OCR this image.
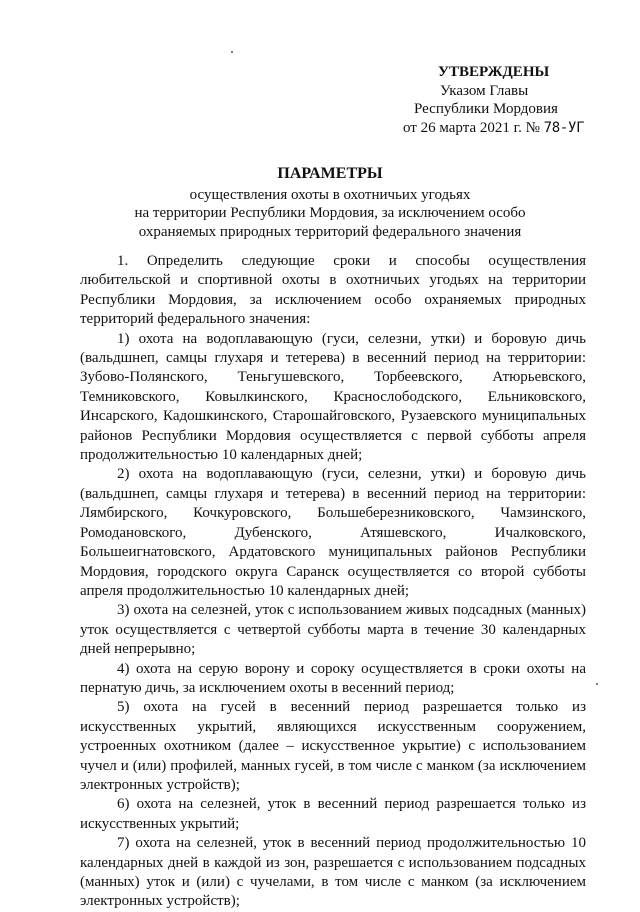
УТВЕРЖДЕНЫ
Указом Главы
Республики Мордовия
от 26 марта 2021 г. № 78-УГ
ПАРАМЕТРЫ
осуществления охоты в охотничьих угодьях
на территории Республики Мордовия, за исключением особо
охраняемых природных территорий федерального значения

1. Определить следующие сроки и способы осуществления любительской и спортивной охоты в охотничьих угодьях на территории Республики Мордовия, за исключением особо охраняемых природных территорий федерального значения:

1) охота на водоплавающую (гуси, селезни, утки) и боровую дичь (вальдшнеп, самцы глухаря и тетерева) в весенний период на территории: Зубово-Полянского, Теньгушевского, Торбеевского, Атюрьевского, Темниковского, Ковылкинского, Краснослободского, Ельниковского, Инсарского, Кадошкинского, Старошайговского, Рузаевского муниципальных районов Республики Мордовия осуществляется с первой субботы апреля продолжительностью 10 календарных дней;

2) охота на водоплавающую (гуси, селезни, утки) и боровую дичь (вальдшнеп, самцы глухаря и тетерева) в весенний период на территории: Лямбирского, Кочкуровского, Большеберезниковского, Чамзинского, Ромодановского, Дубенского, Атяшевского, Ичалковского, Большеигнатовского, Ардатовского муниципальных районов Республики Мордовия, городского округа Саранск осуществляется со второй субботы апреля продолжительностью 10 календарных дней;

3) охота на селезней, уток с использованием живых подсадных (манных) уток осуществляется с четвертой субботы марта в течение 30 календарных дней непрерывно;

4) охота на серую ворону и сороку осуществляется в сроки охоты на пернатую дичь, за исключением охоты в весенний период;

5) охота на гусей в весенний период разрешается только из искусственных укрытий, являющихся искусственным сооружением, устроенных охотником (далее – искусственное укрытие) с использованием чучел и (или) профилей, манных гусей, в том числе с манком (за исключением электронных устройств);

6) охота на селезней, уток в весенний период разрешается только из искусственных укрытий;

7) охота на селезней, уток в весенний период продолжительностью 10 календарных дней в каждой из зон, разрешается с использованием подсадных (манных) уток и (или) с чучелами, в том числе с манком (за исключением электронных устройств);
